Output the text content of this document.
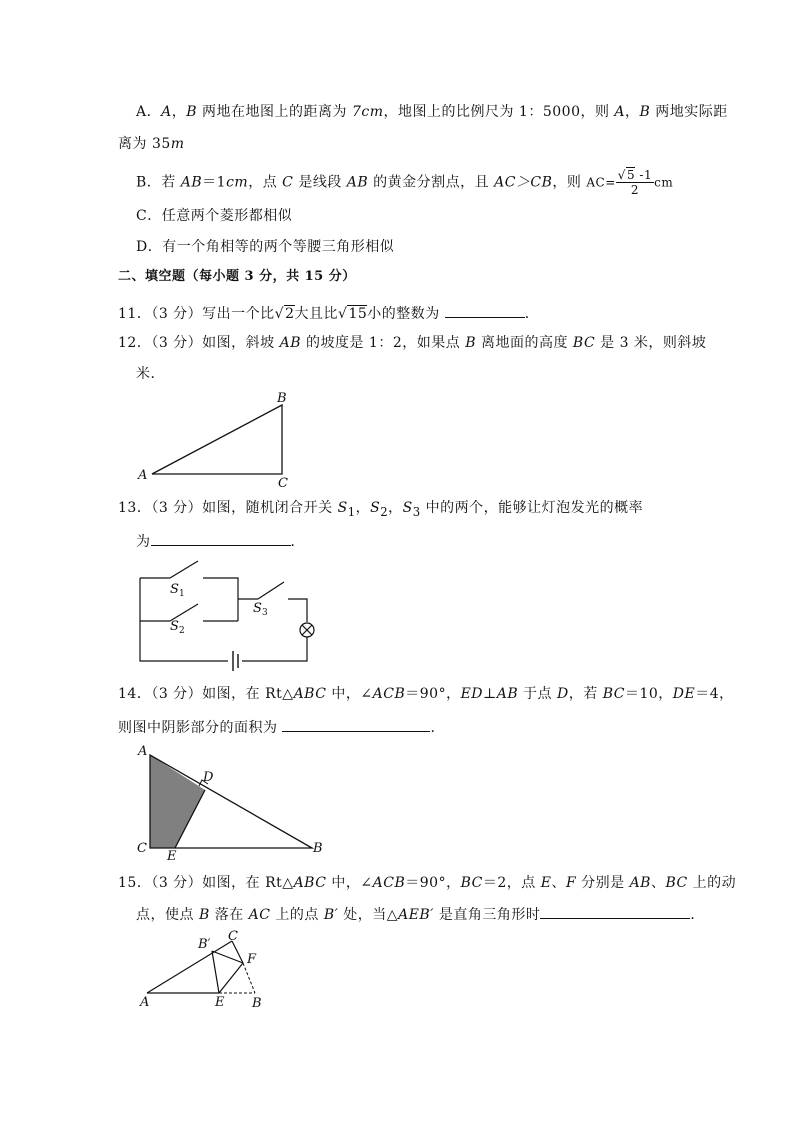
A．A，B 两地在地图上的距离为 7cm，地图上的比例尺为 1：5000，则 A，B 两地实际距
离为 35m
B．若 AB＝1cm，点 C 是线段 AB 的黄金分割点，且 AC＞CB，则 $AC= \frac{√5 -1}{2}$ cm
C．任意两个菱形都相似
D．有一个角相等的两个等腰三角形相似
二、填空题（每小题 3 分，共 15 分）
11．（3 分）写出一个比√2大且比√15小的整数为	．
12．（3 分）如图，斜坡 AB 的坡度是 1：2，如果点 B 离地面的高度 BC 是 3 米，则斜坡
米．
A
B
C
13．（3 分）如图，随机闭合开关 $S_1$，$S_2$，$S_3$ 中的两个，能够让灯泡发光的概率
为	．
S 1
S 2
S 3
14．（3 分）如图，在 Rt△ABC 中，∠ACB＝90°，ED⊥AB 于点 D，若 BC＝10，DE＝4，
则图中阴影部分的面积为	．
A
D
C
E
B
15．（3 分）如图，在 Rt△ABC 中，∠ACB＝90°，BC＝2，点 E、F 分别是 AB、BC 上的动
点，使点 B 落在 AC 上的点 B′ 处，当△AEB′ 是直角三角形时	．
B′
C
F
A	E B
